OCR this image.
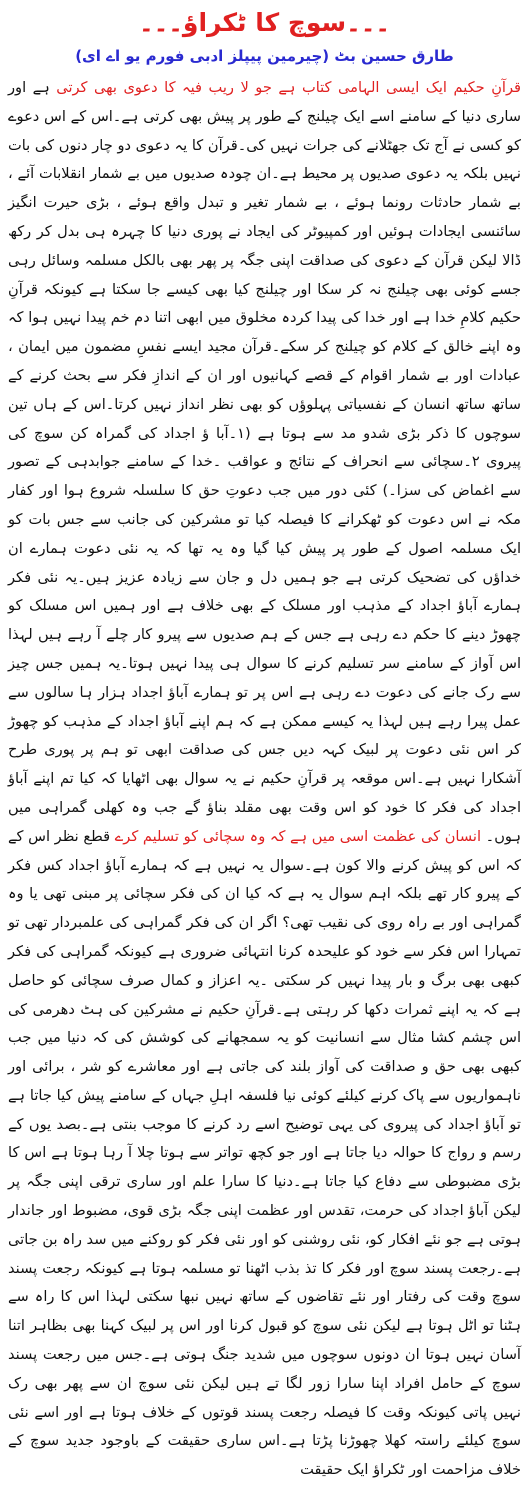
۔۔۔سوچ کا ٹکراؤ۔۔۔
طارق حسین بٹ (چیرمین پیپلز ادبی فورم یو اے ای)

قرآنِ حکیم ایک ایسی الہامی کتاب ہے جو لا ریب فیہ کا دعوی بھی کرتی ہے اور ساری دنیا کے سامنے اسے ایک چیلنج کے طور پر پیش بھی کرتی ہے۔اس کے اس دعوے کو کسی نے آج تک جھٹلانے کی جرات نہیں کی۔قرآن کا یہ دعوی دو چار دنوں کی بات نہیں بلکہ یہ دعوی صدیوں پر محیط ہے۔ان چودہ صدیوں میں بے شمار انقلابات آئے ، بے شمار حادثات رونما ہوئے ، بے شمار تغیر و تبدل واقع ہوئے ، بڑی حیرت انگیز سائنسی ایجادات ہوئیں اور کمپیوٹر کی ایجاد نے پوری دنیا کا چہرہ ہی بدل کر رکھ ڈالا لیکن قرآن کے دعوی کی صداقت اپنی جگہ پر پھر بھی بالکل مسلمہ وسائل رہی جسے کوئی بھی چیلنج نہ کر سکا اور چیلنج کیا بھی کیسے جا سکتا ہے کیونکہ قرآنِ حکیم کلامِ خدا ہے اور خدا کی پیدا کردہ مخلوق میں ابھی اتنا دم خم پیدا نہیں ہوا کہ وہ اپنے خالق کے کلام کو چیلنج کر سکے۔قرآن مجید ایسے نفسِ مضمون میں ایمان ، عبادات اور بے شمار اقوام کے قصے کہانیوں اور ان کے اندازِ فکر سے بحث کرنے کے ساتھ ساتھ انسان کے نفسیاتی پہلوؤں کو بھی نظر انداز نہیں کرتا۔اس کے ہاں تین سوچوں کا ذکر بڑی شدو مد سے ہوتا ہے (۱۔آبا ؤ اجداد کی گمراہ کن سوچ کی پیروی ۲۔سچائی سے انحراف کے نتائج و عواقب ۔خدا کے سامنے جوابدہی کے تصور سے اغماض کی سزا۔) کئی دور میں جب دعوتِ حق کا سلسلہ شروع ہوا اور کفار مکہ نے اس دعوت کو ٹھکرانے کا فیصلہ کیا تو مشرکین کی جانب سے جس بات کو ایک مسلمہ اصول کے طور پر پیش کیا گیا وہ یہ تھا کہ یہ نئی دعوت ہمارے ان خداؤں کی تضحیک کرتی ہے جو ہمیں دل و جان سے زیادہ عزیز ہیں۔یہ نئی فکر ہمارے آباؤ اجداد کے مذہب اور مسلک کے بھی خلاف ہے اور ہمیں اس مسلک کو چھوڑ دینے کا حکم دے رہی ہے جس کے ہم صدیوں سے پیرو کار چلے آ رہے ہیں لہذا اس آواز کے سامنے سر تسلیم کرنے کا سوال ہی پیدا نہیں ہوتا۔یہ ہمیں جس چیز سے رک جانے کی دعوت دے رہی ہے اس پر تو ہمارے آباؤ اجداد ہزار ہا سالوں سے عمل پیرا رہے ہیں لہذا یہ کیسے ممکن ہے کہ ہم اپنے آباؤ اجداد کے مذہب کو چھوڑ کر اس نئی دعوت پر لبیک کہہ دیں جس کی صداقت ابھی تو ہم پر پوری طرح آشکارا نہیں ہے۔اس موقعہ پر قرآنِ حکیم نے یہ سوال بھی اٹھایا کہ کیا تم اپنے آباؤ اجداد کی فکر کا خود کو اس وقت بھی مقلد بناؤ گے جب وہ کھلی گمراہی میں ہوں۔ انسان کی عظمت اسی میں ہے کہ وہ سچائی کو تسلیم کرے قطع نظر اس کے کہ اس کو پیش کرنے والا کون ہے۔سوال یہ نہیں ہے کہ ہمارے آباؤ اجداد کس فکر کے پیرو کار تھے بلکہ اہم سوال یہ ہے کہ کیا ان کی فکر سچائی پر مبنی تھی یا وہ گمراہی اور بے راہ روی کی نقیب تھی؟ اگر ان کی فکر گمراہی کی علمبردار تھی تو تمہارا اس فکر سے خود کو علیحدہ کرنا انتہائی ضروری ہے کیونکہ گمراہی کی فکر کبھی بھی برگ و بار پیدا نہیں کر سکتی ۔یہ اعزاز و کمال صرف سچائی کو حاصل ہے کہ یہ اپنے ثمرات دکھا کر رہتی ہے۔قرآنِ حکیم نے مشرکین کی ہٹ دھرمی کی اس چشم کشا مثال سے انسانیت کو یہ سمجھانے کی کوشش کی کہ دنیا میں جب کبھی بھی حق و صداقت کی آواز بلند کی جاتی ہے اور معاشرے کو شر ، برائی اور ناہمواریوں سے پاک کرنے کیلئے کوئی نیا فلسفہ اہلِ جہاں کے سامنے پیش کیا جاتا ہے تو آباؤ اجداد کی پیروی کی یہی توضیح اسے رد کرنے کا موجب بنتی ہے۔بصد یوں کے رسم و رواج کا حوالہ دیا جاتا ہے اور جو کچھ تواتر سے ہوتا چلا آ رہا ہوتا ہے اس کا بڑی مضبوطی سے دفاع کیا جاتا ہے۔دنیا کا سارا علم اور ساری ترقی اپنی جگہ پر لیکن آباؤ اجداد کی حرمت، تقدس اور عظمت اپنی جگہ بڑی قوی، مضبوط اور جاندار ہوتی ہے جو نئے افکار کو، نئی روشنی کو اور نئی فکر کو روکنے میں سد راہ بن جاتی ہے۔رجعت پسند سوچ اور فکر کا تذ بذب اٹھنا تو مسلمہ ہوتا ہے کیونکہ رجعت پسند سوچ وقت کی رفتار اور نئے تقاضوں کے ساتھ نہیں نبھا سکتی لہذا اس کا راہ سے ہٹنا تو اٹل ہوتا ہے لیکن نئی سوچ کو قبول کرنا اور اس پر لبیک کہنا بھی بظاہر اتنا آسان نہیں ہوتا ان دونوں سوچوں میں شدید جنگ ہوتی ہے۔جس میں رجعت پسند سوچ کے حامل افراد اپنا سارا زور لگا تے ہیں لیکن نئی سوچ ان سے پھر بھی رک نہیں پاتی کیونکہ وقت کا فیصلہ رجعت پسند قوتوں کے خلاف ہوتا ہے اور اسے نئی سوچ کیلئے راستہ کھلا چھوڑنا پڑتا ہے۔اس ساری حقیقت کے باوجود جدید سوچ کے خلاف مزاحمت اور ٹکراؤ ایک حقیقت
